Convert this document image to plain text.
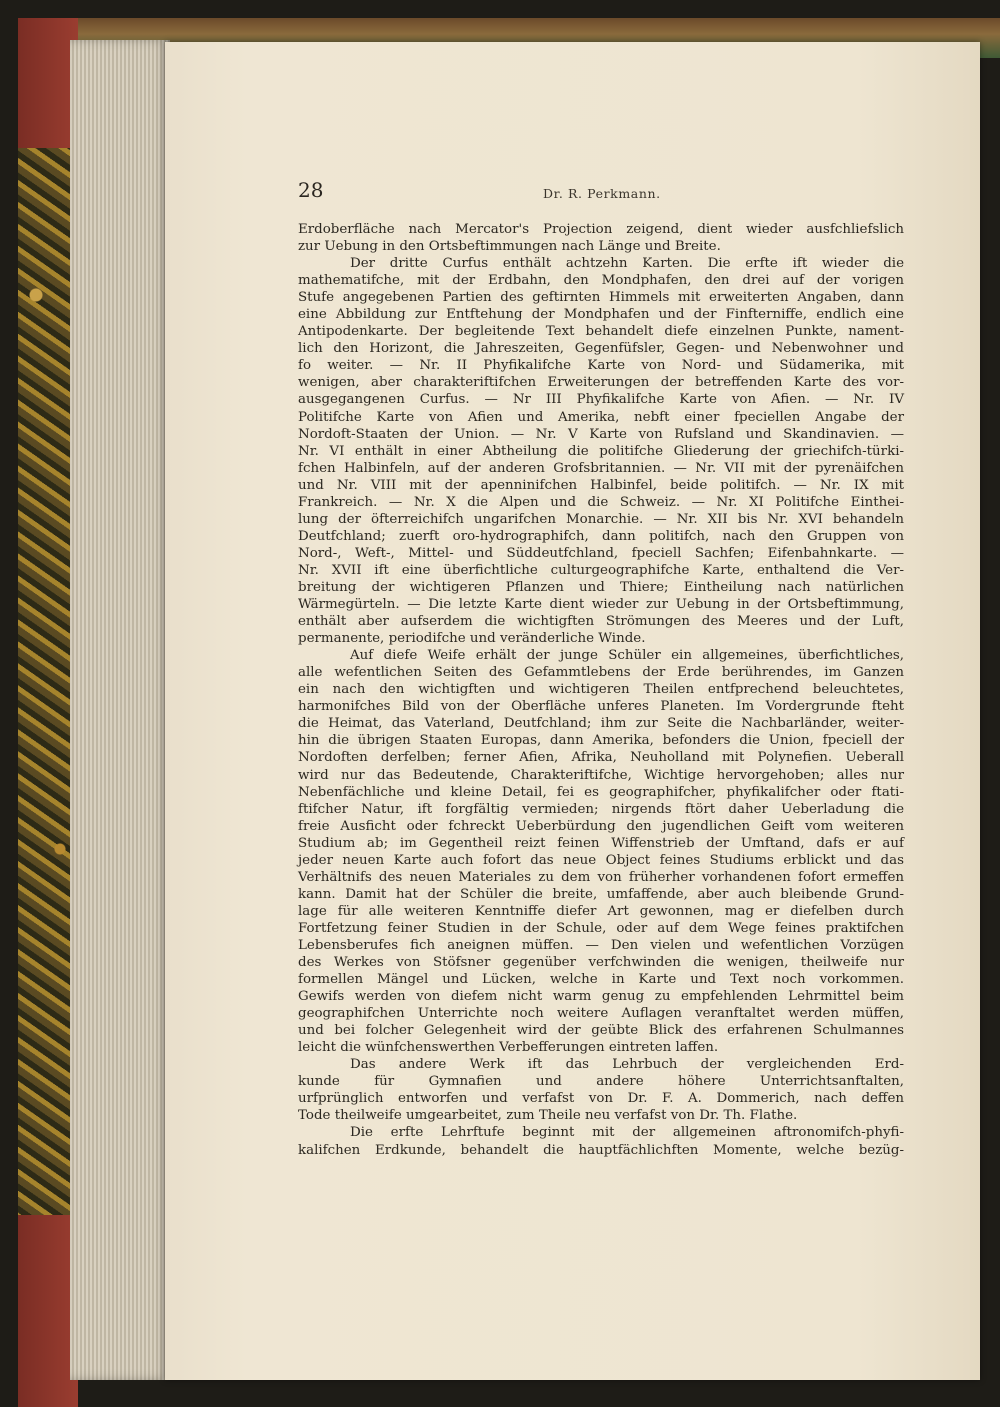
28	Dr. R. Perkmann.
Erdoberfläche nach Mercator's Projection zeigend, dient wieder ausfchliefslich
zur Uebung in den Ortsbeftimmungen nach Länge und Breite.
Der dritte Curfus enthält achtzehn Karten. Die erfte ift wieder die
mathematifche, mit der Erdbahn, den Mondphafen, den drei auf der vorigen
Stufe angegebenen Partien des geftirnten Himmels mit erweiterten Angaben, dann
eine Abbildung zur Entftehung der Mondphafen und der Finfterniffe, endlich eine
Antipodenkarte. Der begleitende Text behandelt diefe einzelnen Punkte, nament-
lich den Horizont, die Jahreszeiten, Gegenfüfsler, Gegen- und Nebenwohner und
fo weiter. — Nr. II Phyfikalifche Karte von Nord- und Südamerika, mit
wenigen, aber charakteriftifchen Erweiterungen der betreffenden Karte des vor-
ausgegangenen Curfus. — Nr III Phyfikalifche Karte von Afien. — Nr. IV
Politifche Karte von Afien und Amerika, nebft einer fpeciellen Angabe der
Nordoft-Staaten der Union. — Nr. V Karte von Rufsland und Skandinavien. —
Nr. VI enthält in einer Abtheilung die politifche Gliederung der griechifch-türki-
fchen Halbinfeln, auf der anderen Grofsbritannien. — Nr. VII mit der pyrenäifchen
und Nr. VIII mit der apenninifchen Halbinfel, beide politifch. — Nr. IX mit
Frankreich. — Nr. X die Alpen und die Schweiz. — Nr. XI Politifche Einthei-
lung der öfterreichifch ungarifchen Monarchie. — Nr. XII bis Nr. XVI behandeln
Deutfchland; zuerft oro-hydrographifch, dann politifch, nach den Gruppen von
Nord-, Weft-, Mittel- und Süddeutfchland, fpeciell Sachfen; Eifenbahnkarte. —
Nr. XVII ift eine überfichtliche culturgeographifche Karte, enthaltend die Ver-
breitung der wichtigeren Pflanzen und Thiere; Eintheilung nach natürlichen
Wärmegürteln. — Die letzte Karte dient wieder zur Uebung in der Ortsbeftimmung,
enthält aber aufserdem die wichtigften Strömungen des Meeres und der Luft,
permanente, periodifche und veränderliche Winde.
Auf diefe Weife erhält der junge Schüler ein allgemeines, überfichtliches,
alle wefentlichen Seiten des Gefammtlebens der Erde berührendes, im Ganzen
ein nach den wichtigften und wichtigeren Theilen entfprechend beleuchtetes,
harmonifches Bild von der Oberfläche unferes Planeten. Im Vordergrunde fteht
die Heimat, das Vaterland, Deutfchland; ihm zur Seite die Nachbarländer, weiter-
hin die übrigen Staaten Europas, dann Amerika, befonders die Union, fpeciell der
Nordoften derfelben; ferner Afien, Afrika, Neuholland mit Polynefien. Ueberall
wird nur das Bedeutende, Charakteriftifche, Wichtige hervorgehoben; alles nur
Nebenfächliche und kleine Detail, fei es geographifcher, phyfikalifcher oder ftati-
ftifcher Natur, ift forgfältig vermieden; nirgends ftört daher Ueberladung die
freie Ausficht oder fchreckt Ueberbürdung den jugendlichen Geift vom weiteren
Studium ab; im Gegentheil reizt feinen Wiffenstrieb der Umftand, dafs er auf
jeder neuen Karte auch fofort das neue Object feines Studiums erblickt und das
Verhältnifs des neuen Materiales zu dem von früherher vorhandenen fofort ermeffen
kann. Damit hat der Schüler die breite, umfaffende, aber auch bleibende Grund-
lage für alle weiteren Kenntniffe diefer Art gewonnen, mag er diefelben durch
Fortfetzung feiner Studien in der Schule, oder auf dem Wege feines praktifchen
Lebensberufes fich aneignen müffen. — Den vielen und wefentlichen Vorzügen
des Werkes von Stöfsner gegenüber verfchwinden die wenigen, theilweife nur
formellen Mängel und Lücken, welche in Karte und Text noch vorkommen.
Gewifs werden von diefem nicht warm genug zu empfehlenden Lehrmittel beim
geographifchen Unterrichte noch weitere Auflagen veranftaltet werden müffen,
und bei folcher Gelegenheit wird der geübte Blick des erfahrenen Schulmannes
leicht die wünfchenswerthen Verbefferungen eintreten laffen.
Das andere Werk ift das Lehrbuch der vergleichenden Erd-
kunde für Gymnafien und andere höhere Unterrichtsanftalten,
urfprünglich entworfen und verfafst von Dr. F. A. Dommerich, nach deffen
Tode theilweife umgearbeitet, zum Theile neu verfafst von Dr. Th. Flathe.
Die erfte Lehrftufe beginnt mit der allgemeinen aftronomifch-phyfi-
kalifchen Erdkunde, behandelt die hauptfächlichften Momente, welche bezüg-
